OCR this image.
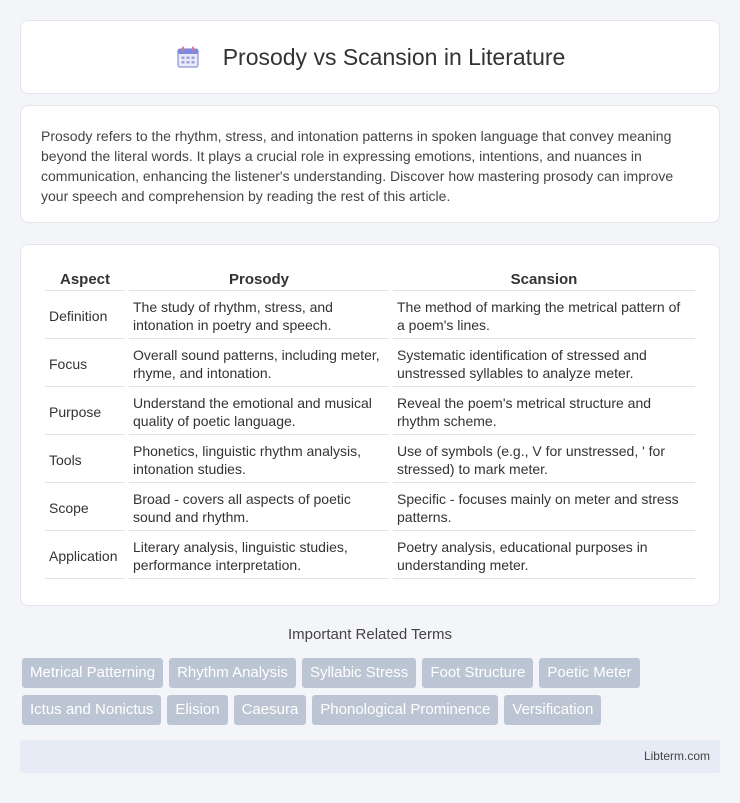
Prosody vs Scansion in Literature

Prosody refers to the rhythm, stress, and intonation patterns in spoken language that convey meaning beyond the literal words. It plays a crucial role in expressing emotions, intentions, and nuances in communication, enhancing the listener's understanding. Discover how mastering prosody can improve your speech and comprehension by reading the rest of this article.

Aspect	Prosody	Scansion
Definition	The study of rhythm, stress, and intonation in poetry and speech.	The method of marking the metrical pattern of a poem's lines.
Focus	Overall sound patterns, including meter, rhyme, and intonation.	Systematic identification of stressed and unstressed syllables to analyze meter.
Purpose	Understand the emotional and musical quality of poetic language.	Reveal the poem's metrical structure and rhythm scheme.
Tools	Phonetics, linguistic rhythm analysis, intonation studies.	Use of symbols (e.g., V for unstressed, ' for stressed) to mark meter.
Scope	Broad - covers all aspects of poetic sound and rhythm.	Specific - focuses mainly on meter and stress patterns.
Application	Literary analysis, linguistic studies, performance interpretation.	Poetry analysis, educational purposes in understanding meter.
Important Related Terms
Metrical Patterning	Rhythm Analysis	Syllabic Stress	Foot Structure	Poetic Meter
Ictus and Nonictus	Elision	Caesura	Phonological Prominence	Versification
Libterm.com
